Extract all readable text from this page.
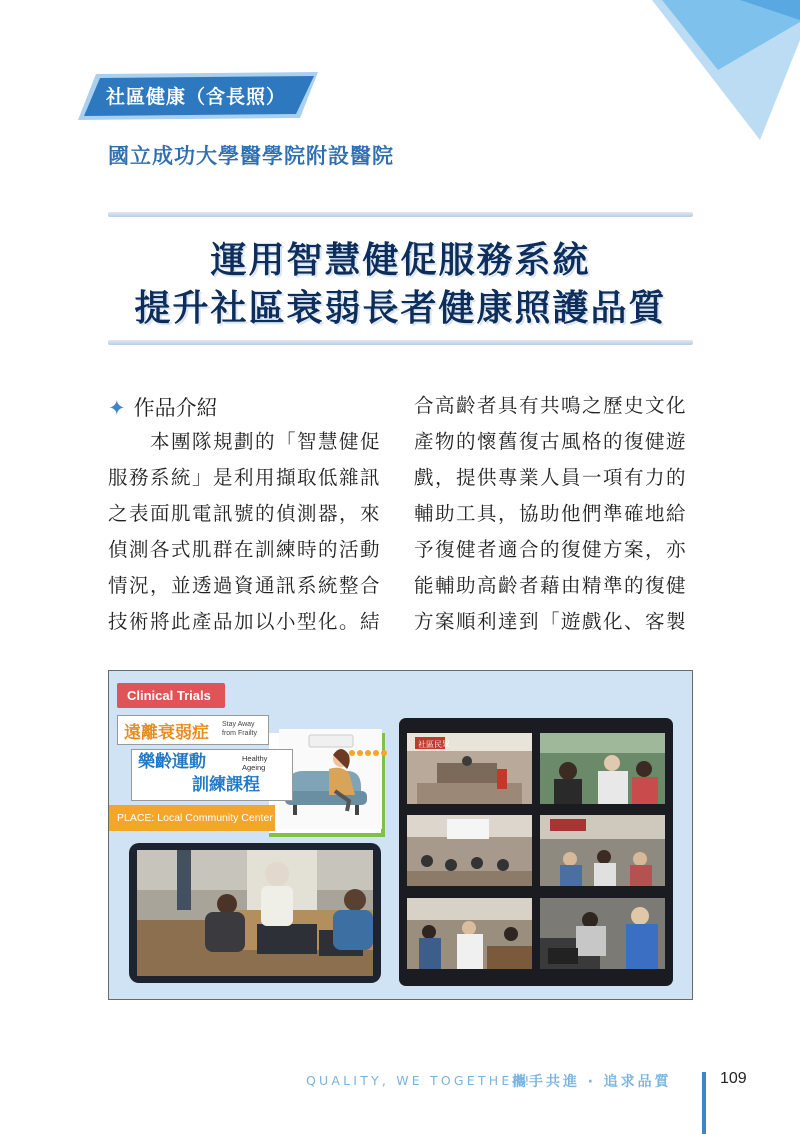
社區健康（含長照）
國立成功大學醫學院附設醫院
運用智慧健促服務系統
提升社區衰弱長者健康照護品質
✦ 作品介紹
　　本團隊規劃的「智慧健促
服務系統」是利用擷取低雜訊
之表面肌電訊號的偵測器，來
偵測各式肌群在訓練時的活動
情況，並透過資通訊系統整合
技術將此產品加以小型化。結
合高齡者具有共鳴之歷史文化
產物的懷舊復古風格的復健遊
戲，提供專業人員一項有力的
輔助工具，協助他們準確地給
予復健者適合的復健方案，亦
能輔助高齡者藉由精準的復健
方案順利達到「遊戲化、客製
Clinical Trials
遠離衰弱症 Stay Away from Frailty
樂齡運動
訓練課程
Healthy Ageing
PLACE: Local Community Center
社區民眾
QUALITY, WE TOGETHER!
攜手共進 ‧ 追求品質	109
